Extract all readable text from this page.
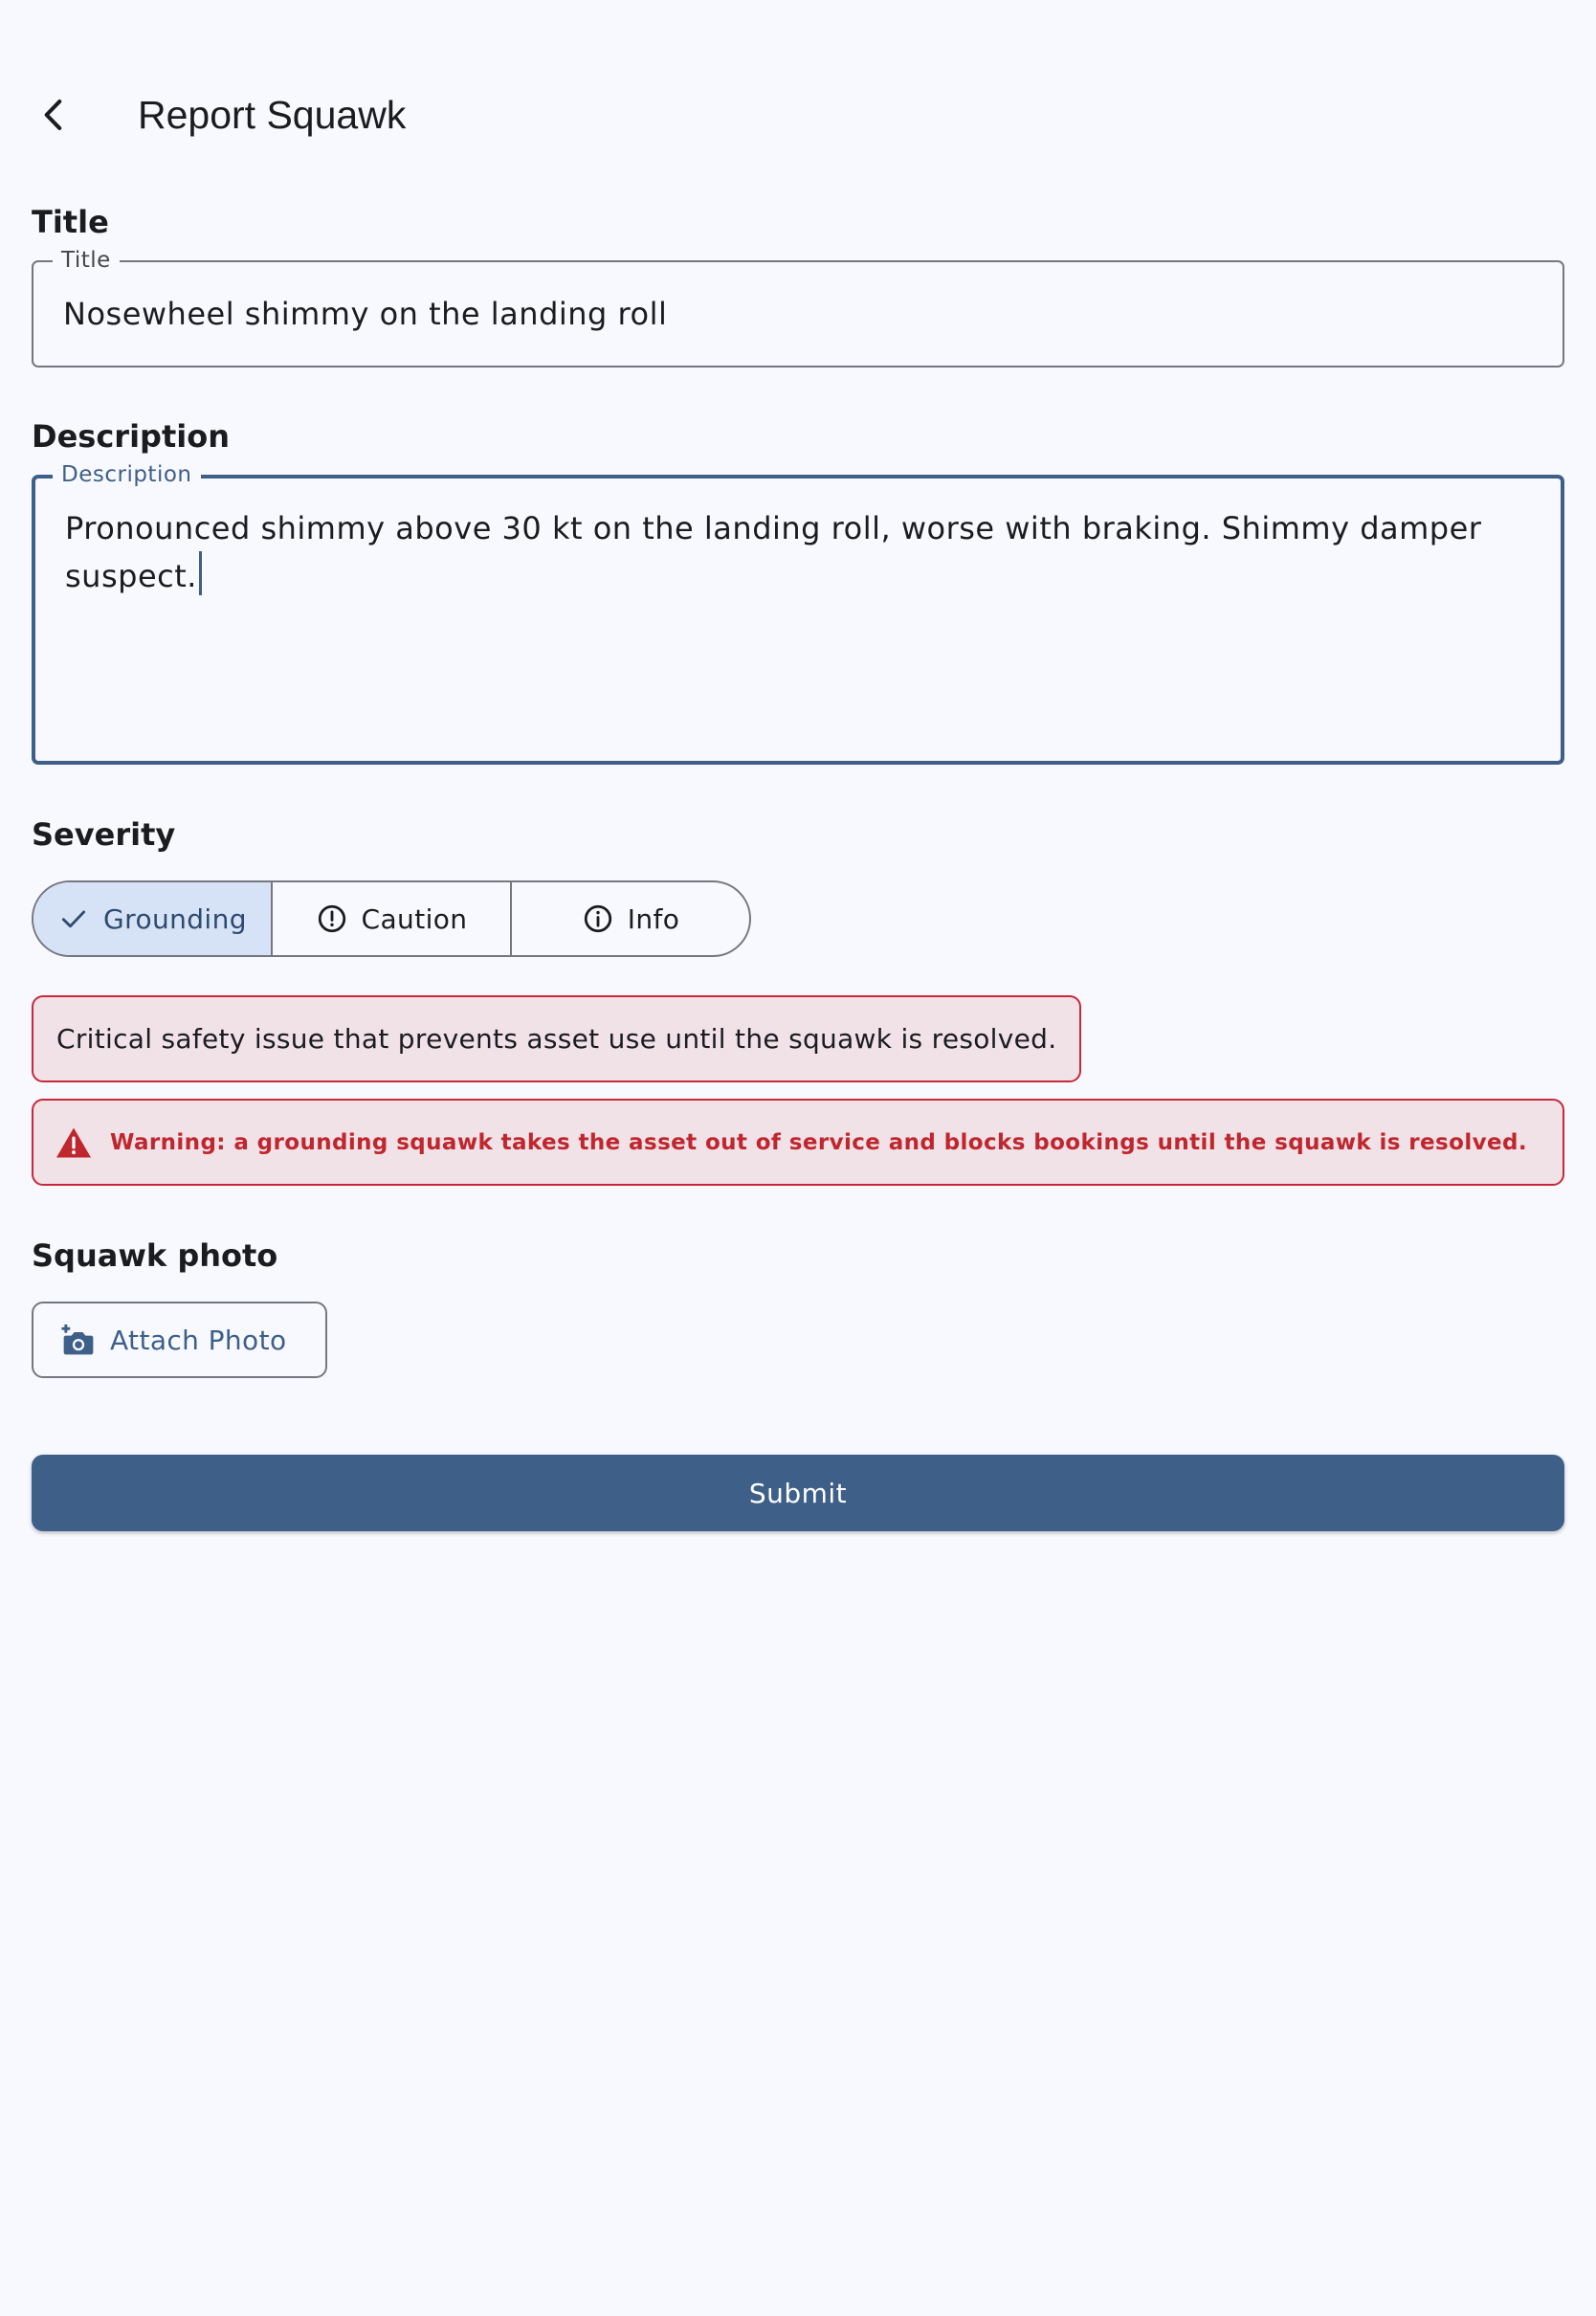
Report Squawk
Title
Title
Nosewheel shimmy on the landing roll
Description
Description
Pronounced shimmy above 30 kt on the landing roll, worse with braking. Shimmy damper suspect.
Severity
Grounding	Caution	Info
Critical safety issue that prevents asset use until the squawk is resolved.
Warning: a grounding squawk takes the asset out of service and blocks bookings until the squawk is resolved.
Squawk photo
Attach Photo
Submit
